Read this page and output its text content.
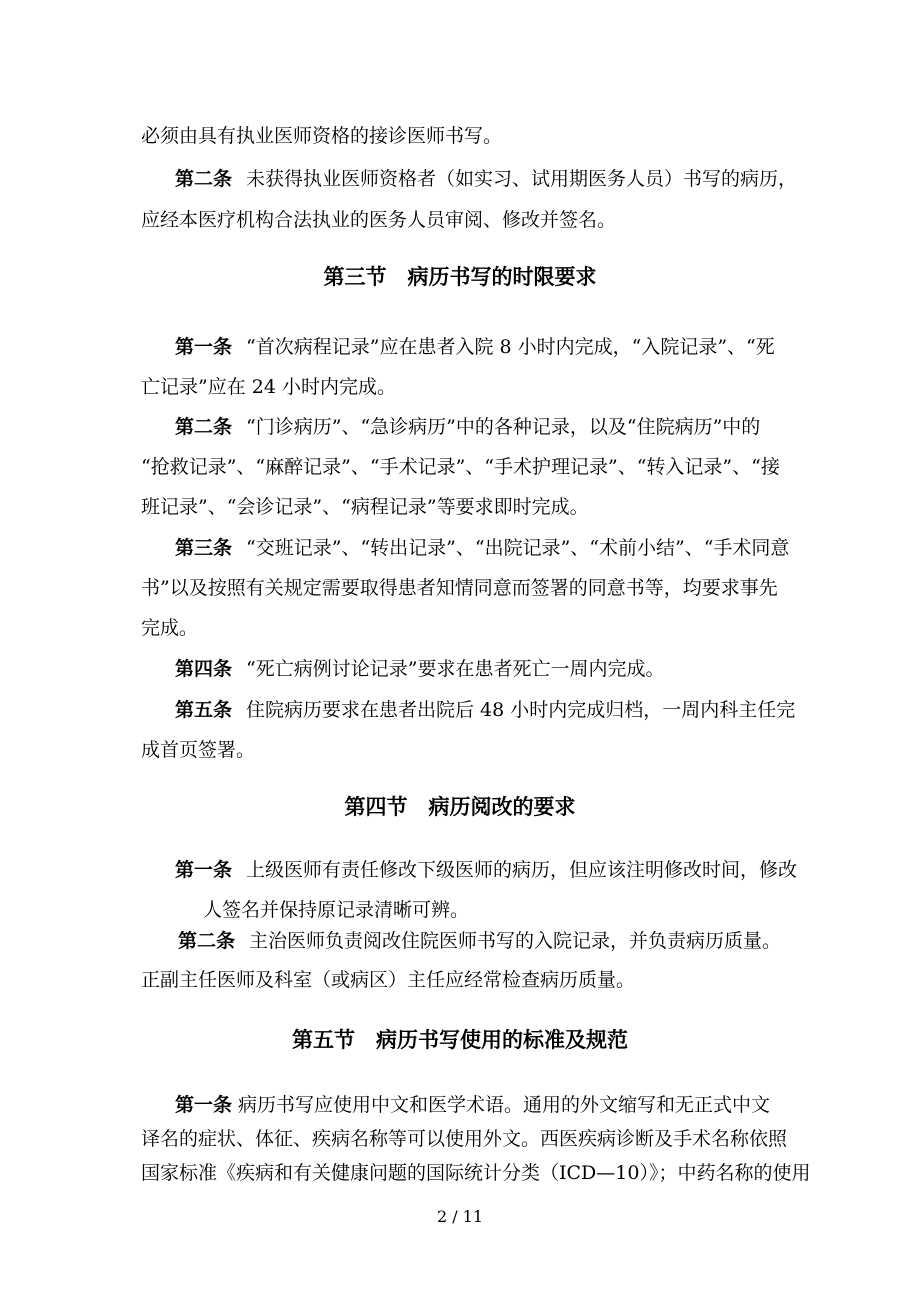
必须由具有执业医师资格的接诊医师书写。
第二条 未获得执业医师资格者（如实习、试用期医务人员）书写的病历，
应经本医疗机构合法执业的医务人员审阅、修改并签名。
第三节　病历书写的时限要求
第一条 “首次病程记录”应在患者入院 8 小时内完成，“入院记录”、“死
亡记录”应在 24 小时内完成。
第二条 “门诊病历”、“急诊病历”中的各种记录，以及“住院病历”中的
“抢救记录”、“麻醉记录”、“手术记录”、“手术护理记录”、“转入记录”、“接
班记录”、“会诊记录”、“病程记录”等要求即时完成。
第三条 “交班记录”、“转出记录”、“出院记录”、“术前小结”、“手术同意
书”以及按照有关规定需要取得患者知情同意而签署的同意书等，均要求事先
完成。
第四条 “死亡病例讨论记录”要求在患者死亡一周内完成。
第五条 住院病历要求在患者出院后 48 小时内完成归档，一周内科主任完
成首页签署。
第四节　病历阅改的要求
第一条 上级医师有责任修改下级医师的病历，但应该注明修改时间，修改
人签名并保持原记录清晰可辨。
第二条 主治医师负责阅改住院医师书写的入院记录，并负责病历质量。
正副主任医师及科室（或病区）主任应经常检查病历质量。
第五节　病历书写使用的标准及规范
第一条 病历书写应使用中文和医学术语。通用的外文缩写和无正式中文
译名的症状、体征、疾病名称等可以使用外文。西医疾病诊断及手术名称依照
国家标准《疾病和有关健康问题的国际统计分类（ICD—10）》；中药名称的使用
2 / 11
